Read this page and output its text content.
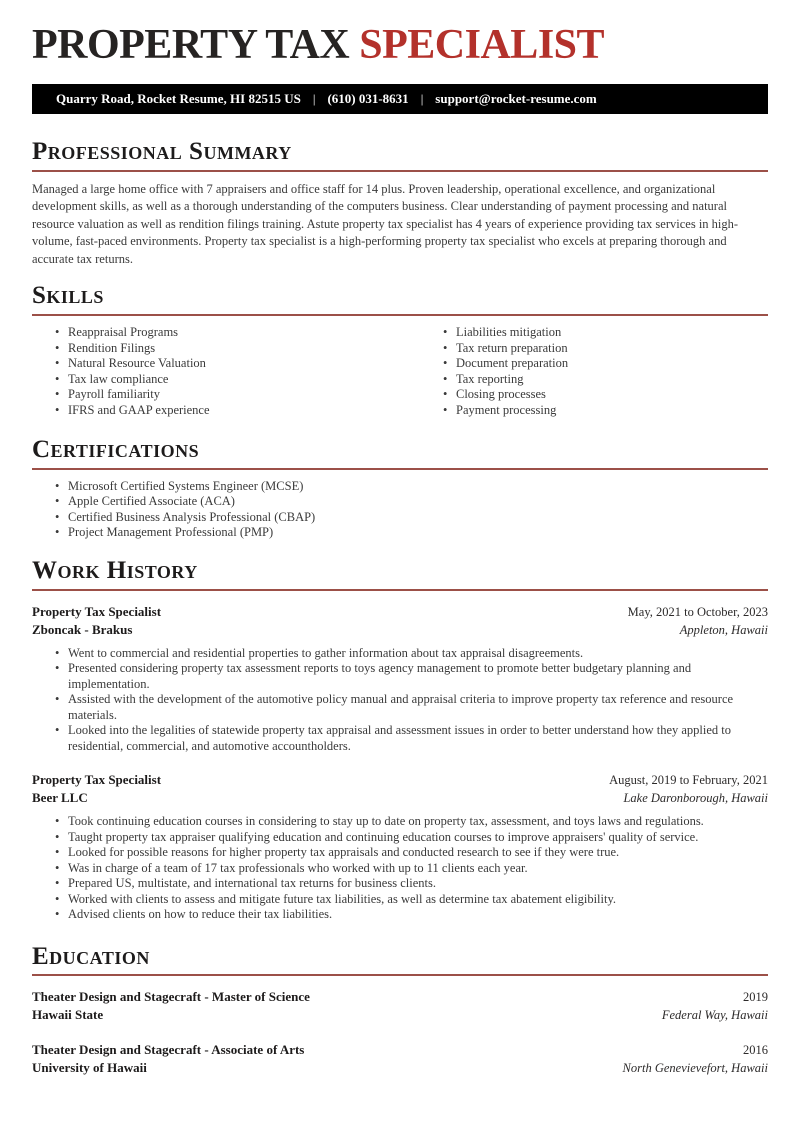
PROPERTY TAX SPECIALIST
Quarry Road, Rocket Resume, HI 82515 US | (610) 031-8631 | support@rocket-resume.com
Professional Summary

Managed a large home office with 7 appraisers and office staff for 14 plus. Proven leadership, operational excellence, and organizational development skills, as well as a thorough understanding of the computers business. Clear understanding of payment processing and natural resource valuation as well as rendition filings training. Astute property tax specialist has 4 years of experience providing tax services in high-volume, fast-paced environments. Property tax specialist is a high-performing property tax specialist who excels at preparing thorough and accurate tax returns.

Skills
• Reappraisal Programs
• Rendition Filings
• Natural Resource Valuation
• Tax law compliance
• Payroll familiarity
• IFRS and GAAP experience
• Liabilities mitigation
• Tax return preparation
• Document preparation
• Tax reporting
• Closing processes
• Payment processing
Certifications
• Microsoft Certified Systems Engineer (MCSE)
• Apple Certified Associate (ACA)
• Certified Business Analysis Professional (CBAP)
• Project Management Professional (PMP)
Work History
Property Tax Specialist	May, 2021 to October, 2023
Zboncak - Brakus	Appleton, Hawaii
• Went to commercial and residential properties to gather information about tax appraisal disagreements.
• Presented considering property tax assessment reports to toys agency management to promote better budgetary planning and implementation.
• Assisted with the development of the automotive policy manual and appraisal criteria to improve property tax reference and resource materials.
• Looked into the legalities of statewide property tax appraisal and assessment issues in order to better understand how they applied to residential, commercial, and automotive accountholders.
Property Tax Specialist	August, 2019 to February, 2021
Beer LLC	Lake Daronborough, Hawaii
• Took continuing education courses in considering to stay up to date on property tax, assessment, and toys laws and regulations.
• Taught property tax appraiser qualifying education and continuing education courses to improve appraisers' quality of service.
• Looked for possible reasons for higher property tax appraisals and conducted research to see if they were true.
• Was in charge of a team of 17 tax professionals who worked with up to 11 clients each year.
• Prepared US, multistate, and international tax returns for business clients.
• Worked with clients to assess and mitigate future tax liabilities, as well as determine tax abatement eligibility.
• Advised clients on how to reduce their tax liabilities.
Education
Theater Design and Stagecraft - Master of Science	2019
Hawaii State	Federal Way, Hawaii
Theater Design and Stagecraft - Associate of Arts	2016
University of Hawaii	North Genevievefort, Hawaii
